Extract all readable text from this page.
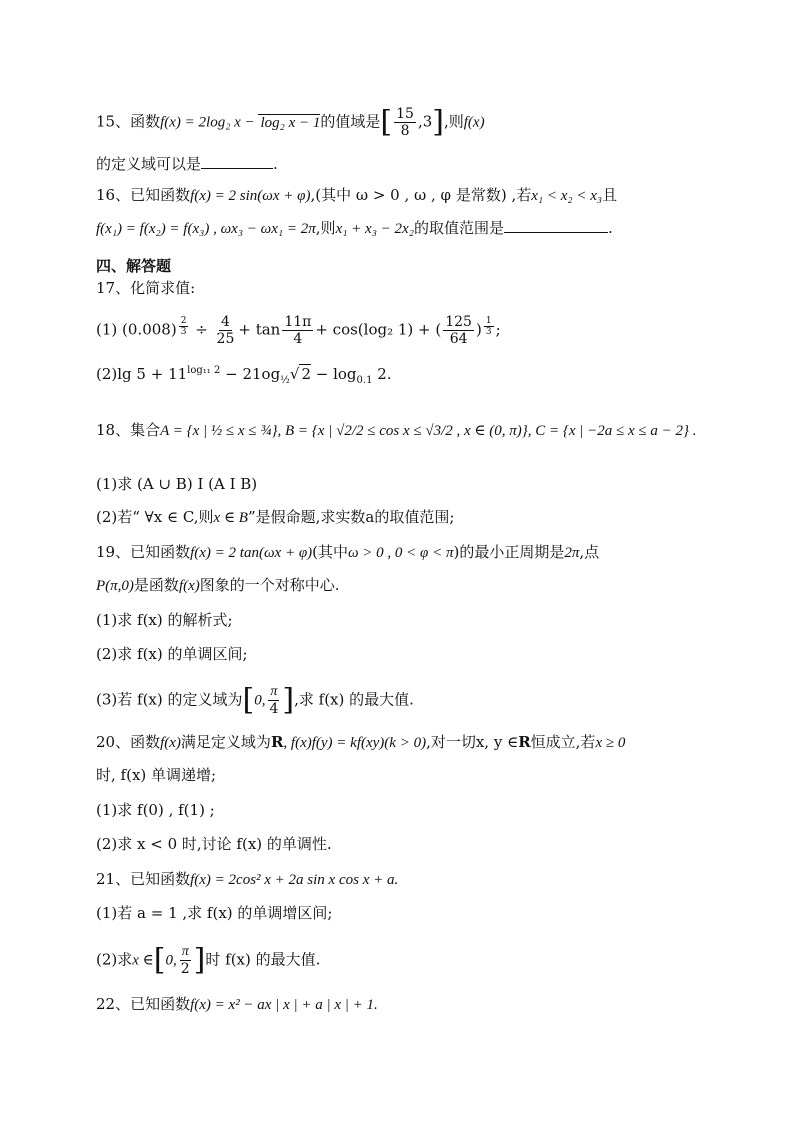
15、函数f(x) = 2log₂ x − log₂ x − 1的值域是[ $\frac{15}{8} ,3$],则f(x)
的定义域可以是	.
16、已知函数f(x) = 2 sin(ωx + φ),(其中 ω > 0 , ω , φ 是常数) ,若x₁ < x₂ < x₃且
f(x₁) = f(x₂) = f(x₃) , ωx₃ − ωx₁ = 2π,则x₁ + x₃ − 2x₂的取值范围是	.
四、解答题
17、化简求值:
(1) (0.008) $^{\frac{2}{3}} \div \frac{4}{25} + \tan \frac{11\pi}{4} + \cos(\log_2$ 1) + ( $\frac{125}{64}$ ) $^{\frac{1}{3}}$ ;
(2)lg $5 + 11^{log_{11} 2} - 21og_{\frac{1}{2}}√$ $2 - \log_{0.1} 2$.
18、集合A = {x | ½ ≤ x ≤ ¾}, B = {x | √2/2 ≤ cos x ≤ √3/2 , x ∈ (0, π)}, C = {x | −2a ≤ x ≤ a − 2} .
(1)求 (A ∪ B) I (A I B)
(2)若“ ∀x ∈ C,则x ∈ B”是假命题,求实数a的取值范围;
19、已知函数f(x) = 2 tan(ωx + φ)(其中ω > 0 , 0 < φ < π)的最小正周期是2π,点
P(π,0)是函数f(x)图象的一个对称中心.
(1)求 f(x) 的解析式;
(2)求 f(x) 的单调区间;
(3)若 f(x) 的定义域为[0, $\frac{\pi}{4}$ ],求 f(x) 的最大值.
20、函数f(x)满足定义域为R, f(x)f(y) = kf(xy)(k > 0),对一切x, y ∈R恒成立,若x ≥ 0
时, f(x) 单调递增;
(1)求 f(0) , f(1) ;
(2)求 x < 0 时,讨论 f(x) 的单调性.
21、已知函数f(x) = 2cos² x + 2a sin x cos x + a.
(1)若 a = 1 ,求 f(x) 的单调增区间;
(2)求x ∈[0, $\frac{\pi}{2}$ ]时 f(x) 的最大值.
22、已知函数f(x) = x² − ax | x | + a | x | + 1.
